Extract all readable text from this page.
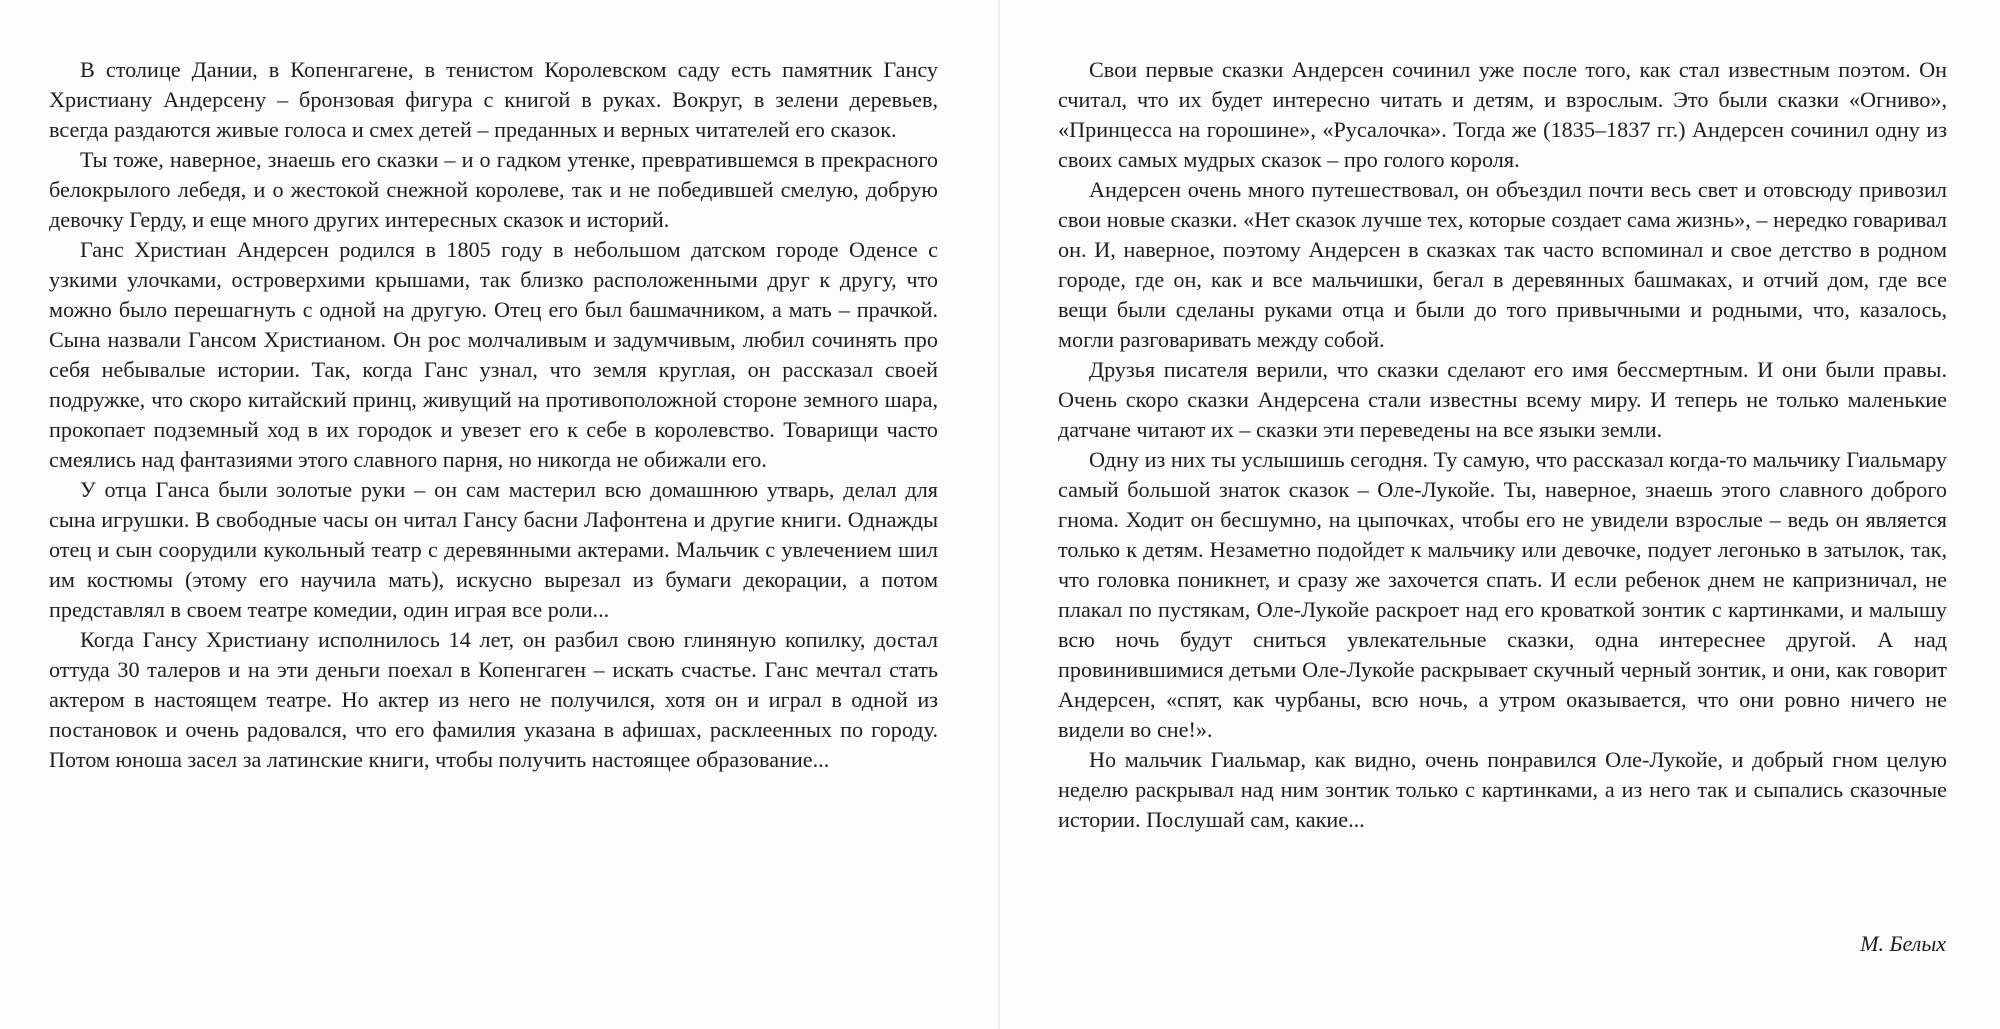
В столице Дании, в Копенгагене, в тенистом Королевском саду есть памятник Гансу Христиану Андерсену – бронзовая фигура с книгой в руках. Вокруг, в зелени деревьев, всегда раздаются живые голоса и смех детей – преданных и верных читателей его сказок.

Ты тоже, наверное, знаешь его сказки – и о гадком утенке, превратившемся в прекрасного белокрылого лебедя, и о жестокой снежной королеве, так и не победившей смелую, добрую девочку Герду, и еще много других интересных сказок и историй.

Ганс Христиан Андерсен родился в 1805 году в небольшом датском городе Оденсе с узкими улочками, островерхими крышами, так близко расположенными друг к другу, что можно было перешагнуть с одной на другую. Отец его был башмачником, а мать – прачкой. Сына назвали Гансом Христианом. Он рос молчаливым и задумчивым, любил сочинять про себя небывалые истории. Так, когда Ганс узнал, что земля круглая, он рассказал своей подружке, что скоро китайский принц, живущий на противоположной стороне земного шара, прокопает подземный ход в их городок и увезет его к себе в королевство. Товарищи часто смеялись над фантазиями этого славного парня, но никогда не обижали его.

У отца Ганса были золотые руки – он сам мастерил всю домашнюю утварь, делал для сына игрушки. В свободные часы он читал Гансу басни Лафонтена и другие книги. Однажды отец и сын соорудили кукольный театр с деревянными актерами. Мальчик с увлечением шил им костюмы (этому его научила мать), искусно вырезал из бумаги декорации, а потом представлял в своем театре комедии, один играя все роли...

Когда Гансу Христиану исполнилось 14 лет, он разбил свою глиняную копилку, достал оттуда 30 талеров и на эти деньги поехал в Копенгаген – искать счастье. Ганс мечтал стать актером в настоящем театре. Но актер из него не получился, хотя он и играл в одной из постановок и очень радовался, что его фамилия указана в афишах, расклеенных по городу. Потом юноша засел за латинские книги, чтобы получить настоящее образование...

Свои первые сказки Андерсен сочинил уже после того, как стал известным поэтом. Он считал, что их будет интересно читать и детям, и взрослым. Это были сказки «Огниво», «Принцесса на горошине», «Русалочка». Тогда же (1835–1837 гг.) Андерсен сочинил одну из своих самых мудрых сказок – про голого короля.

Андерсен очень много путешествовал, он объездил почти весь свет и отовсюду привозил свои новые сказки. «Нет сказок лучше тех, которые создает сама жизнь», – нередко говаривал он. И, наверное, поэтому Андерсен в сказках так часто вспоминал и свое детство в родном городе, где он, как и все мальчишки, бегал в деревянных башмаках, и отчий дом, где все вещи были сделаны руками отца и были до того привычными и родными, что, казалось, могли разговаривать между собой.

Друзья писателя верили, что сказки сделают его имя бессмертным. И они были правы. Очень скоро сказки Андерсена стали известны всему миру. И теперь не только маленькие датчане читают их – сказки эти переведены на все языки земли.

Одну из них ты услышишь сегодня. Ту самую, что рассказал когда-то мальчику Гиальмару самый большой знаток сказок – Оле-Лукойе. Ты, наверное, знаешь этого славного доброго гнома. Ходит он бесшумно, на цыпочках, чтобы его не увидели взрослые – ведь он является только к детям. Незаметно подойдет к мальчику или девочке, подует легонько в затылок, так, что головка поникнет, и сразу же захочется спать. И если ребенок днем не капризничал, не плакал по пустякам, Оле-Лукойе раскроет над его кроваткой зонтик с картинками, и малышу всю ночь будут сниться увлекательные сказки, одна интереснее другой. А над провинившимися детьми Оле-Лукойе раскрывает скучный черный зонтик, и они, как говорит Андерсен, «спят, как чурбаны, всю ночь, а утром оказывается, что они ровно ничего не видели во сне!».

Но мальчик Гиальмар, как видно, очень понравился Оле-Лукойе, и добрый гном целую неделю раскрывал над ним зонтик только с картинками, а из него так и сыпались сказочные истории. Послушай сам, какие...

М. Белых
